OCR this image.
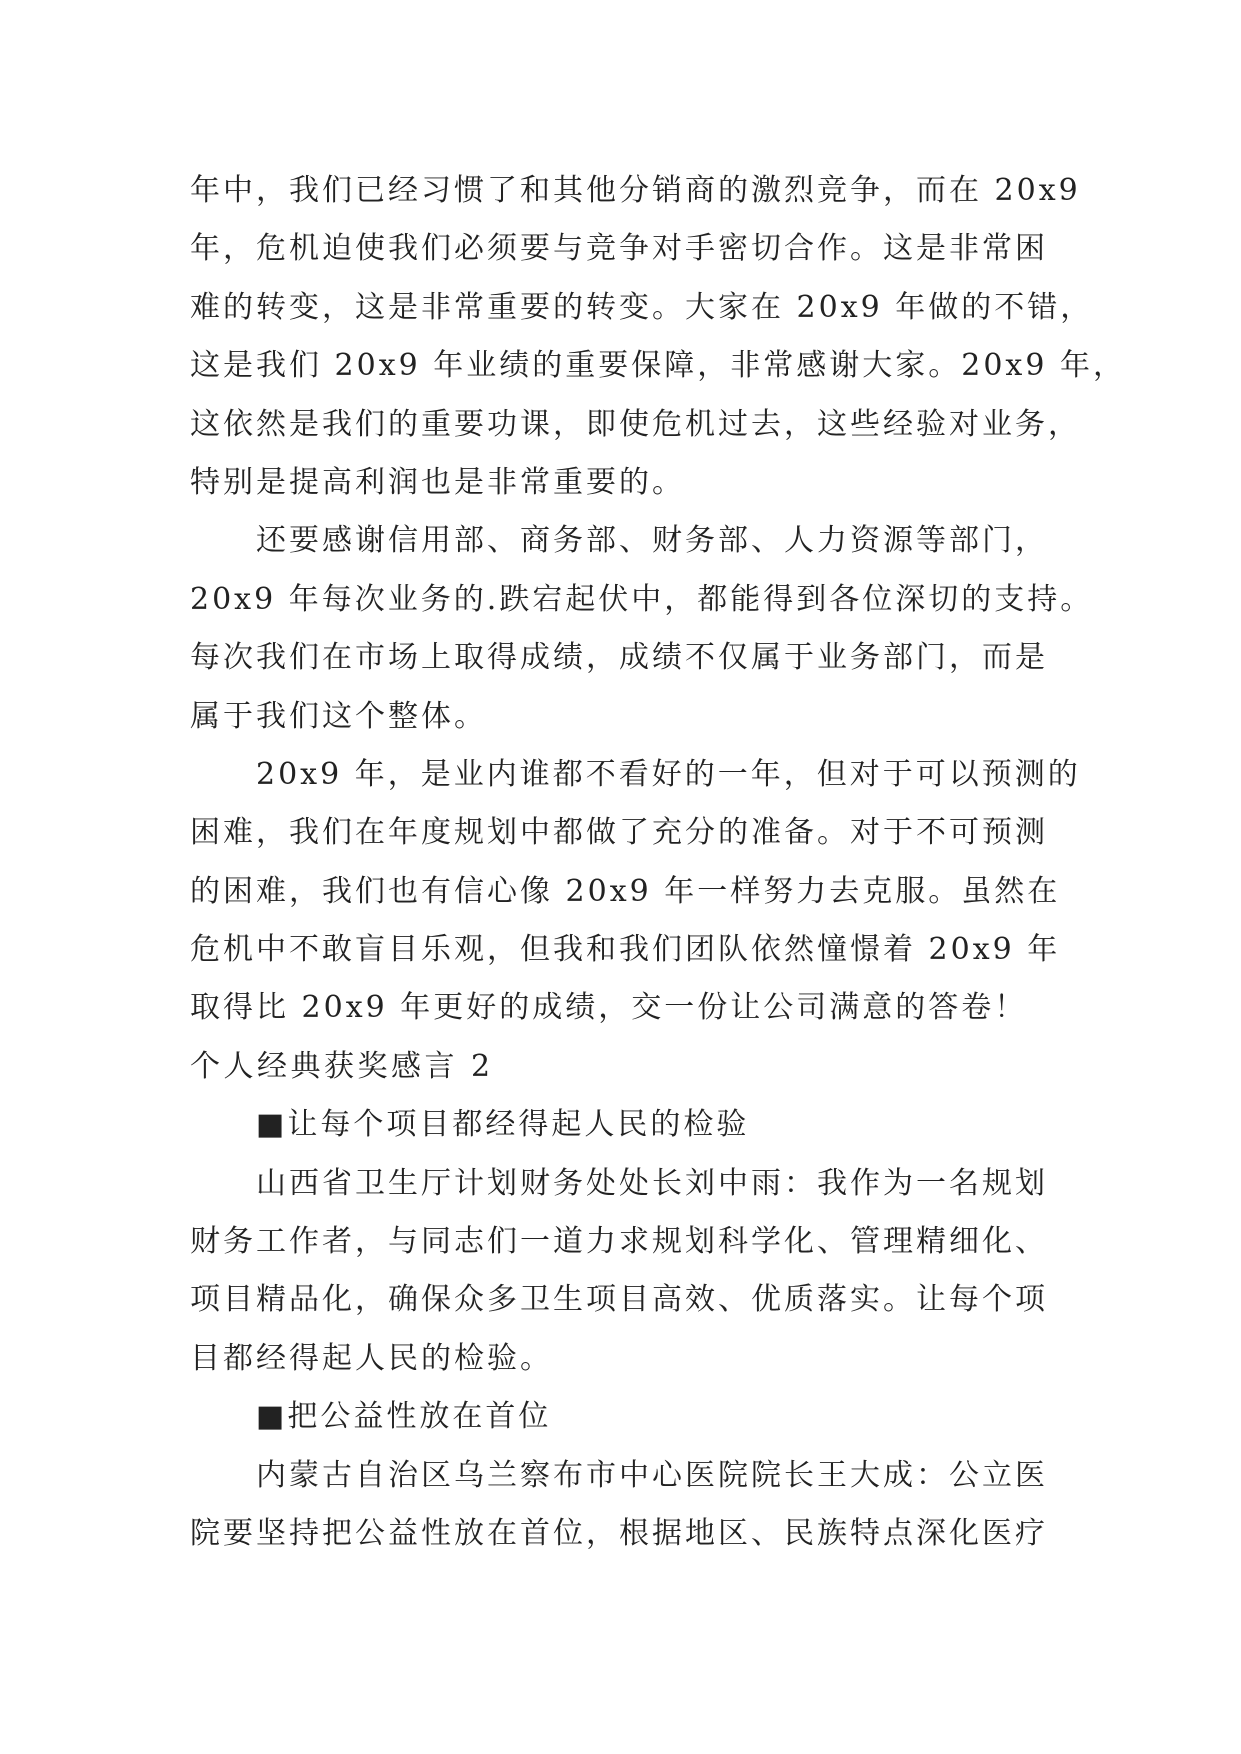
年中，我们已经习惯了和其他分销商的激烈竞争，而在 20x9
年，危机迫使我们必须要与竞争对手密切合作。这是非常困
难的转变，这是非常重要的转变。大家在 20x9 年做的不错，
这是我们 20x9 年业绩的重要保障，非常感谢大家。20x9 年，
这依然是我们的重要功课，即使危机过去，这些经验对业务，
特别是提高利润也是非常重要的。
还要感谢信用部、商务部、财务部、人力资源等部门，
20x9 年每次业务的.跌宕起伏中，都能得到各位深切的支持。
每次我们在市场上取得成绩，成绩不仅属于业务部门，而是
属于我们这个整体。
20x9 年，是业内谁都不看好的一年，但对于可以预测的
困难，我们在年度规划中都做了充分的准备。对于不可预测
的困难，我们也有信心像 20x9 年一样努力去克服。虽然在
危机中不敢盲目乐观，但我和我们团队依然憧憬着 20x9 年
取得比 20x9 年更好的成绩，交一份让公司满意的答卷！
个人经典获奖感言 2
■让每个项目都经得起人民的检验
山西省卫生厅计划财务处处长刘中雨：我作为一名规划
财务工作者，与同志们一道力求规划科学化、管理精细化、
项目精品化，确保众多卫生项目高效、优质落实。让每个项
目都经得起人民的检验。
■把公益性放在首位
内蒙古自治区乌兰察布市中心医院院长王大成：公立医
院要坚持把公益性放在首位，根据地区、民族特点深化医疗
